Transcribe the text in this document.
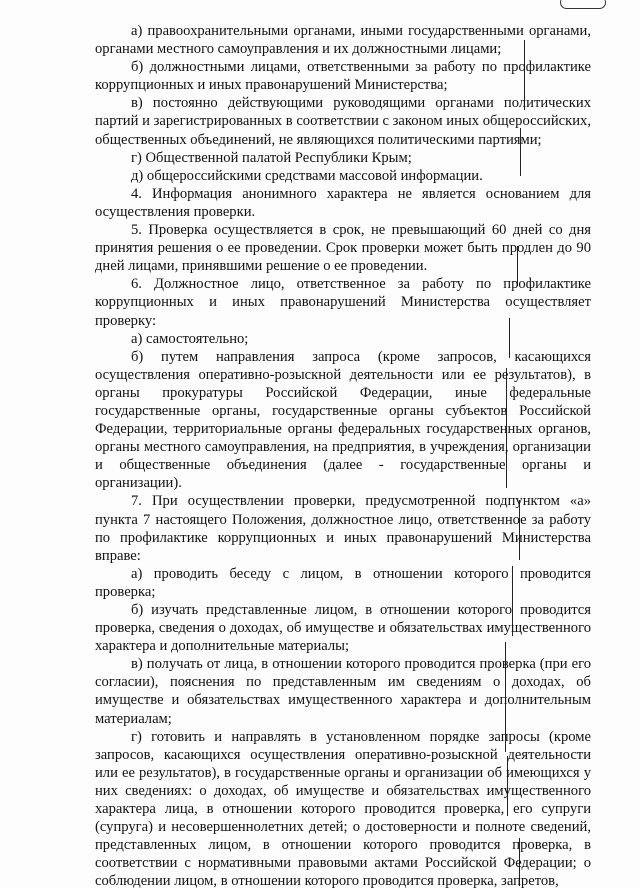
а) правоохранительными органами, иными государственными органами, органами местного самоуправления и их должностными лицами;

б) должностными лицами, ответственными за работу по профилактике коррупционных и иных правонарушений Министерства;

в) постоянно действующими руководящими органами политических партий и зарегистрированных в соответствии с законом иных общероссийских, общественных объединений, не являющихся политическими партиями;

г) Общественной палатой Республики Крым;

д) общероссийскими средствами массовой информации.

4. Информация анонимного характера не является основанием для осуществления проверки.

5. Проверка осуществляется в срок, не превышающий 60 дней со дня принятия решения о ее проведении. Срок проверки может быть продлен до 90 дней лицами, принявшими решение о ее проведении.

6. Должностное лицо, ответственное за работу по профилактике коррупционных и иных правонарушений Министерства осуществляет проверку:

а) самостоятельно;

б) путем направления запроса (кроме запросов, касающихся осуществления оперативно-розыскной деятельности или ее результатов), в органы прокуратуры Российской Федерации, иные федеральные государственные органы, государственные органы субъектов Российской Федерации, территориальные органы федеральных государственных органов, органы местного самоуправления, на предприятия, в учреждения, организации и общественные объединения (далее - государственные органы и организации).

7. При осуществлении проверки, предусмотренной подпунктом «а» пункта 7 настоящего Положения, должностное лицо, ответственное за работу по профилактике коррупционных и иных правонарушений Министерства вправе:

а) проводить беседу с лицом, в отношении которого проводится проверка;

б) изучать представленные лицом, в отношении которого проводится проверка, сведения о доходах, об имуществе и обязательствах имущественного характера и дополнительные материалы;

в) получать от лица, в отношении которого проводится проверка (при его согласии), пояснения по представленным им сведениям о доходах, об имуществе и обязательствах имущественного характера и дополнительным материалам;

г) готовить и направлять в установленном порядке запросы (кроме запросов, касающихся осуществления оперативно-розыскной деятельности или ее результатов), в государственные органы и организации об имеющихся у них сведениях: о доходах, об имуществе и обязательствах имущественного характера лица, в отношении которого проводится проверка, его супруги (супруга) и несовершеннолетних детей; о достоверности и полноте сведений, представленных лицом, в отношении которого проводится проверка, в соответствии с нормативными правовыми актами Российской Федерации; о соблюдении лицом, в отношении которого проводится проверка, запретов,
